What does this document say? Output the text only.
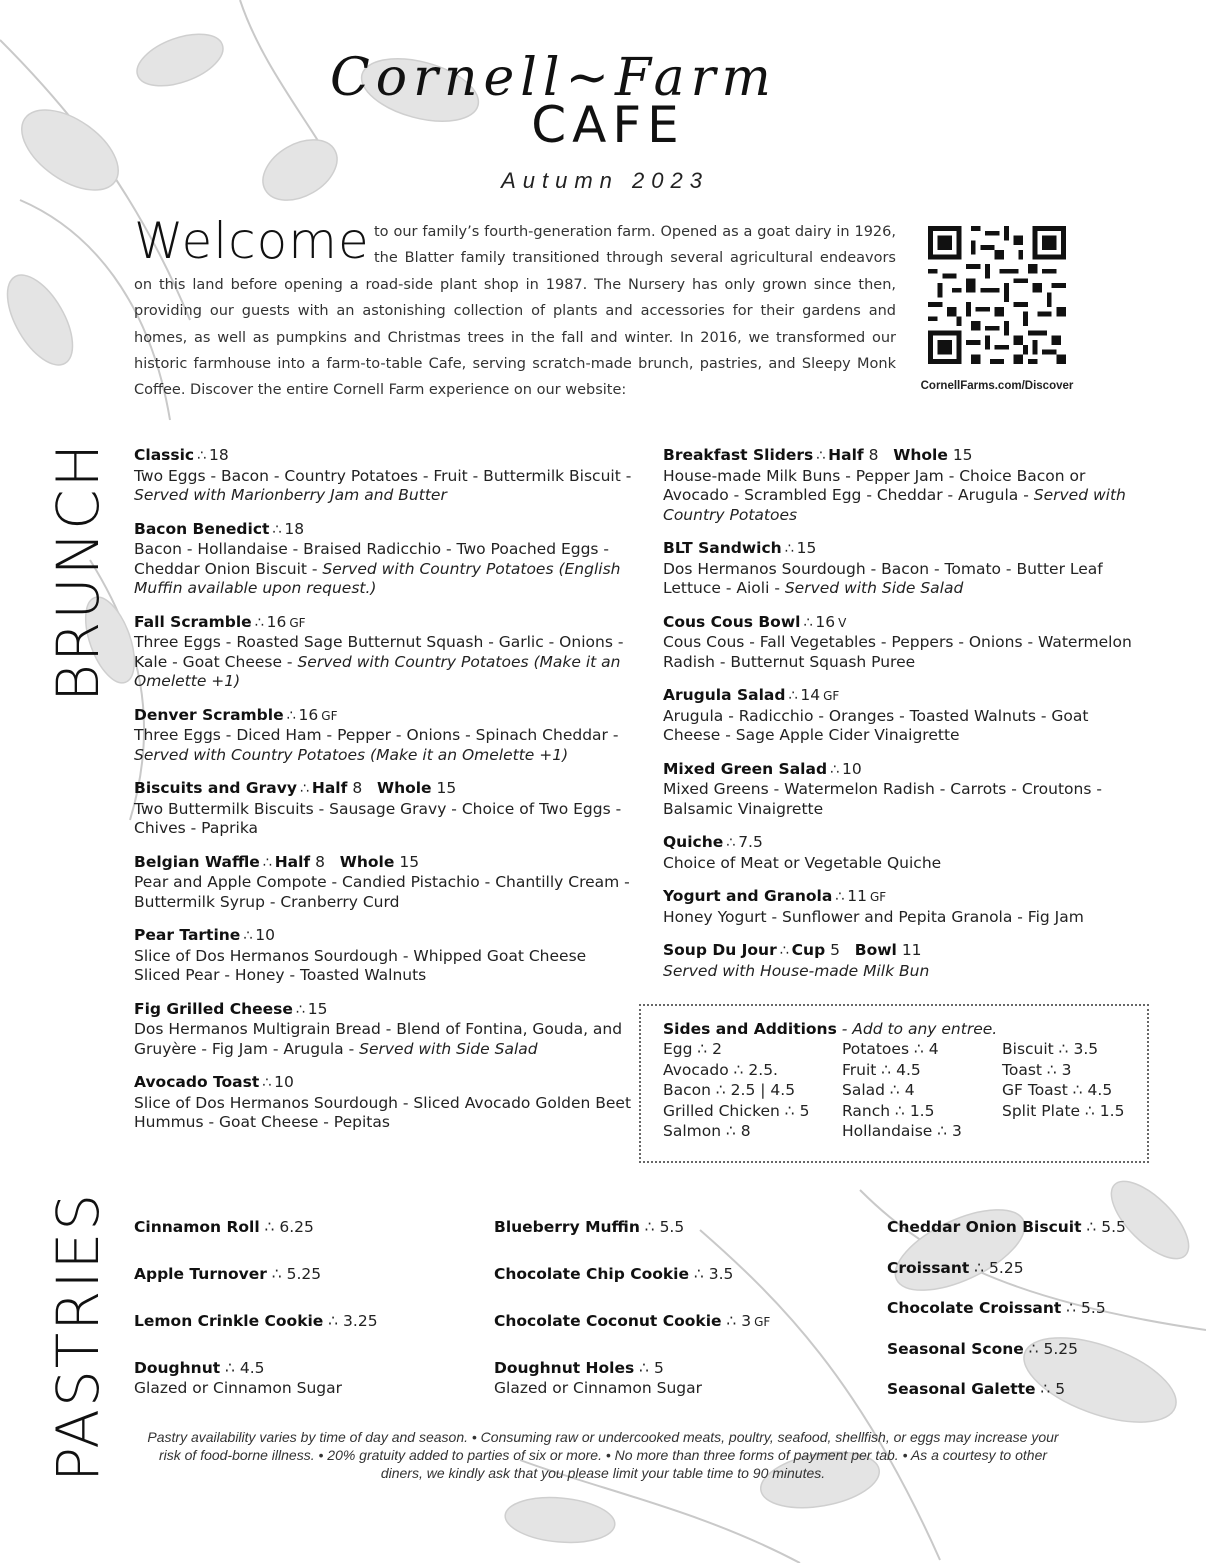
Cornell~Farm
CAFE
Autumn 2023
Welcome to our family’s fourth-generation farm. Opened as a goat dairy in 1926, the Blatter family transitioned through several agricultural endeavors on this land before opening a road-side plant shop in 1987. The Nursery has only grown since then, providing our guests with an astonishing collection of plants and accessories for their gardens and homes, as well as pumpkins and Christmas trees in the fall and winter. In 2016, we transformed our historic farmhouse into a farm-to-table Cafe, serving scratch-made brunch, pastries, and Sleepy Monk Coffee. Discover the entire Cornell Farm experience on our website:	CornellFarms.com/Discover
BRUNCH
PASTRIES
Classic ∴ 18
Two Eggs - Bacon - Country Potatoes - Fruit - Buttermilk Biscuit - Served with Marionberry Jam and Butter
Bacon Benedict ∴ 18
Bacon - Hollandaise - Braised Radicchio - Two Poached Eggs - Cheddar Onion Biscuit - Served with Country Potatoes (English Muffin available upon request.)
Fall Scramble ∴ 16 GF
Three Eggs - Roasted Sage Butternut Squash - Garlic - Onions - Kale - Goat Cheese - Served with Country Potatoes (Make it an Omelette +1)
Denver Scramble ∴ 16 GF
Three Eggs - Diced Ham - Pepper - Onions - Spinach Cheddar - Served with Country Potatoes (Make it an Omelette +1)
Biscuits and Gravy ∴ Half 8 Whole 15
Two Buttermilk Biscuits - Sausage Gravy - Choice of Two Eggs - Chives - Paprika
Belgian Waffle ∴ Half 8 Whole 15
Pear and Apple Compote - Candied Pistachio - Chantilly Cream - Buttermilk Syrup - Cranberry Curd
Pear Tartine ∴ 10
Slice of Dos Hermanos Sourdough - Whipped Goat Cheese Sliced Pear - Honey - Toasted Walnuts
Fig Grilled Cheese ∴ 15
Dos Hermanos Multigrain Bread - Blend of Fontina, Gouda, and Gruyère - Fig Jam - Arugula - Served with Side Salad
Avocado Toast ∴ 10
Slice of Dos Hermanos Sourdough - Sliced Avocado Golden Beet Hummus - Goat Cheese - Pepitas
Breakfast Sliders ∴ Half 8 Whole 15
House-made Milk Buns - Pepper Jam - Choice Bacon or Avocado - Scrambled Egg - Cheddar - Arugula - Served with Country Potatoes
BLT Sandwich ∴ 15
Dos Hermanos Sourdough - Bacon - Tomato - Butter Leaf Lettuce - Aioli - Served with Side Salad
Cous Cous Bowl ∴ 16 V
Cous Cous - Fall Vegetables - Peppers - Onions - Watermelon Radish - Butternut Squash Puree
Arugula Salad ∴ 14 GF
Arugula - Radicchio - Oranges - Toasted Walnuts - Goat Cheese - Sage Apple Cider Vinaigrette
Mixed Green Salad ∴ 10
Mixed Greens - Watermelon Radish - Carrots - Croutons - Balsamic Vinaigrette
Quiche ∴ 7.5
Choice of Meat or Vegetable Quiche
Yogurt and Granola ∴ 11 GF
Honey Yogurt - Sunflower and Pepita Granola - Fig Jam
Soup Du Jour ∴ Cup 5 Bowl 11
Served with House-made Milk Bun
Sides and Additions - Add to any entree.
Egg ∴ 2
Avocado ∴ 2.5.
Bacon ∴ 2.5 | 4.5
Grilled Chicken ∴ 5
Salmon ∴ 8
Potatoes ∴ 4
Fruit ∴ 4.5
Salad ∴ 4
Ranch ∴ 1.5
Hollandaise ∴ 3
Biscuit ∴ 3.5
Toast ∴ 3
GF Toast ∴ 4.5
Split Plate ∴ 1.5
Cinnamon Roll ∴ 6.25
Apple Turnover ∴ 5.25
Lemon Crinkle Cookie ∴ 3.25
Doughnut ∴ 4.5
Glazed or Cinnamon Sugar
Blueberry Muffin ∴ 5.5
Chocolate Chip Cookie ∴ 3.5
Chocolate Coconut Cookie ∴ 3 GF
Doughnut Holes ∴ 5
Glazed or Cinnamon Sugar
Cheddar Onion Biscuit ∴ 5.5
Croissant ∴ 5.25
Chocolate Croissant ∴ 5.5
Seasonal Scone ∴ 5.25
Seasonal Galette ∴ 5
Pastry availability varies by time of day and season. • Consuming raw or undercooked meats, poultry, seafood, shellfish, or eggs may increase your risk of food-borne illness. • 20% gratuity added to parties of six or more. • No more than three forms of payment per tab. • As a courtesy to other diners, we kindly ask that you please limit your table time to 90 minutes.
